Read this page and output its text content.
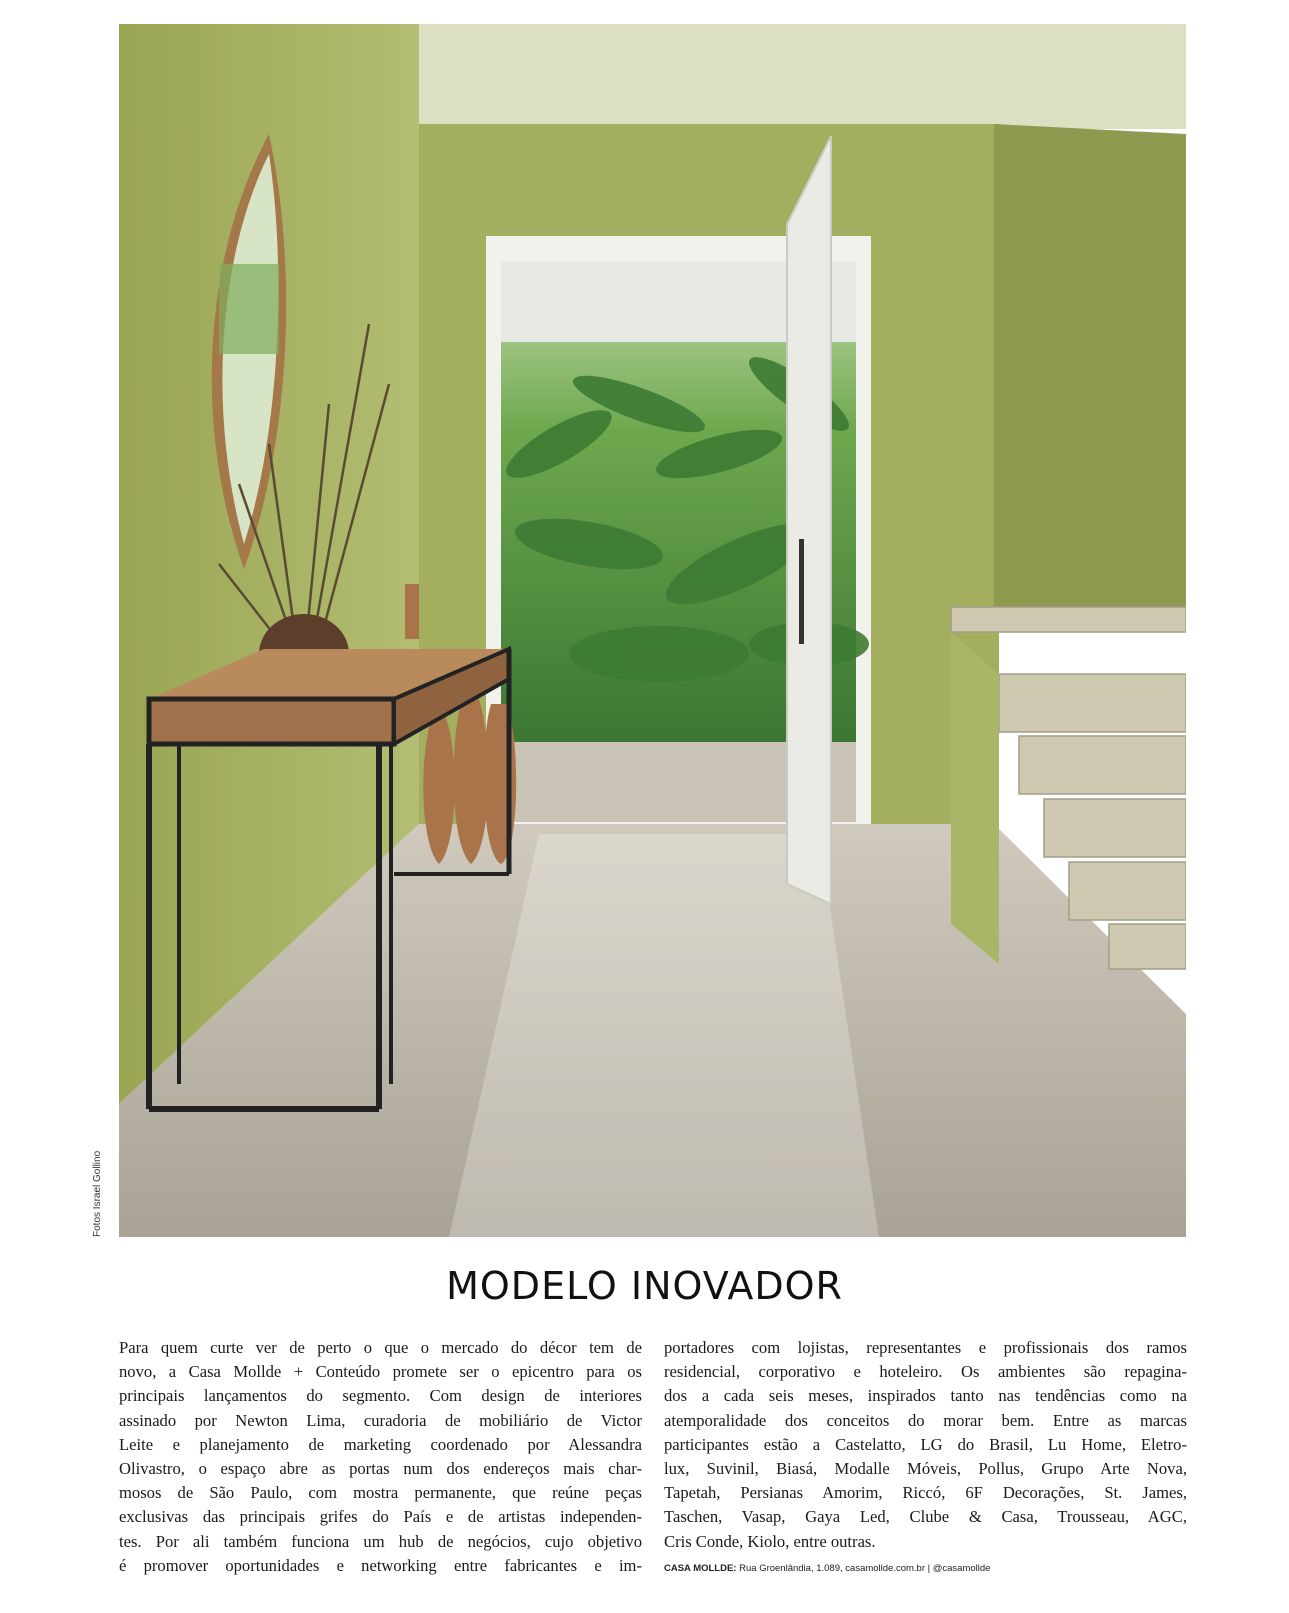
Fotos Israel Gollino
MODELO INOVADOR

Para quem curte ver de perto o que o mercado do décor tem de

novo, a Casa Mollde + Conteúdo promete ser o epicentro para os

principais lançamentos do segmento. Com design de interiores

assinado por Newton Lima, curadoria de mobiliário de Victor

Leite e planejamento de marketing coordenado por Alessandra

Olivastro, o espaço abre as portas num dos endereços mais char-

mosos de São Paulo, com mostra permanente, que reúne peças

exclusivas das principais grifes do País e de artistas independen-

tes. Por ali também funciona um hub de negócios, cujo objetivo

é promover oportunidades e networking entre fabricantes e im-

portadores com lojistas, representantes e profissionais dos ramos

residencial, corporativo e hoteleiro. Os ambientes são repagina-

dos a cada seis meses, inspirados tanto nas tendências como na

atemporalidade dos conceitos do morar bem. Entre as marcas

participantes estão a Castelatto, LG do Brasil, Lu Home, Eletro-

lux, Suvinil, Biasá, Modalle Móveis, Pollus, Grupo Arte Nova,

Tapetah, Persianas Amorim, Riccó, 6F Decorações, St. James,

Taschen, Vasap, Gaya Led, Clube & Casa, Trousseau, AGC,

Cris Conde, Kiolo, entre outras.

CASA MOLLDE: Rua Groenlândia, 1.089, casamollde.com.br | @casamollde
